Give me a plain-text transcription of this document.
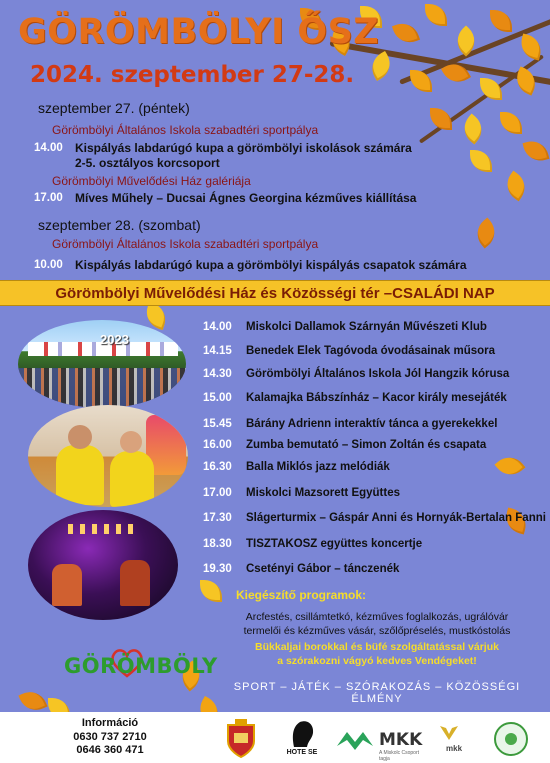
GÖRÖMBÖLYI ŐSZ
2024. szeptember 27-28.
szeptember 27. (péntek)
Görömbölyi Általános Iskola szabadtéri sportpálya
14.00 Kispályás labdarúgó kupa a görömbölyi iskolások számára
2-5. osztályos korcsoport
Görömbölyi Művelődési Ház galériája
17.00 Míves Műhely – Ducsai Ágnes Georgina kézműves kiállítása
szeptember 28. (szombat)
Görömbölyi Általános Iskola szabadtéri sportpálya
10.00 Kispályás labdarúgó kupa a görömbölyi kispályás csapatok számára
Görömbölyi Művelődési Ház és Közösségi tér –CSALÁDI NAP
2023
GÖRÖMBÖLY
14.00 Miskolci Dallamok Szárnyán Művészeti Klub
14.15 Benedek Elek Tagóvoda óvodásainak műsora
14.30 Görömbölyi Általános Iskola Jól Hangzik kórusa
15.00 Kalamajka Bábszínház – Kacor király mesejáték
15.45 Bárány Adrienn interaktív tánca a gyerekekkel
16.00 Zumba bemutató – Simon Zoltán és csapata
16.30 Balla Miklós jazz melódiák
17.00 Miskolci Mazsorett Együttes
17.30 Slágerturmix – Gáspár Anni és Hornyák-Bertalan Fanni
18.30 TISZTAKOSZ együttes koncertje
19.30 Csetényi Gábor – tánczenék
Kiegészítő programok:
Arcfestés, csillámtetkó, kézműves foglalkozás, ugrálóvár
termelői és kézműves vásár, szőlőpréselés, mustkóstolás
Bükkaljai borokkal és büfé szolgáltatással várjuk
a szórakozni vágyó kedves Vendégeket!
SPORT – JÁTÉK – SZÓRAKOZÁS – KÖZÖSSÉGI ÉLMÉNY
Információ
0630 737 2710
0646 360 471	HOTE SE
MKK
A Miskolc Csoport tagja
mkk
